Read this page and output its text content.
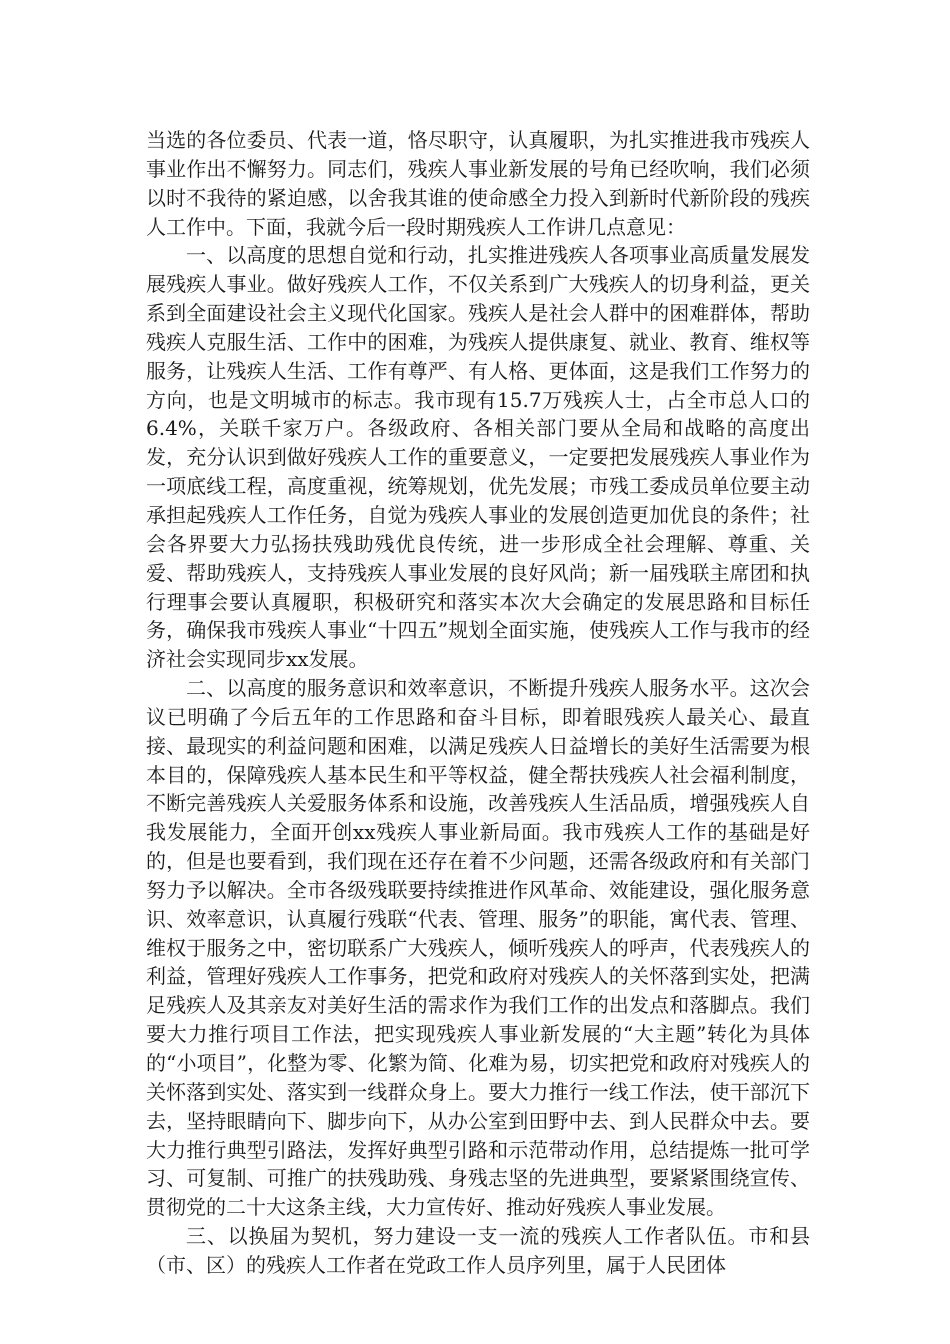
当选的各位委员、代表一道，恪尽职守，认真履职，为扎实推进我市残疾人事业作出不懈努力。同志们，残疾人事业新发展的号角已经吹响，我们必须以时不我待的紧迫感，以舍我其谁的使命感全力投入到新时代新阶段的残疾人工作中。下面，我就今后一段时期残疾人工作讲几点意见：

一、以高度的思想自觉和行动，扎实推进残疾人各项事业高质量发展发展残疾人事业。做好残疾人工作，不仅关系到广大残疾人的切身利益，更关系到全面建设社会主义现代化国家。残疾人是社会人群中的困难群体，帮助残疾人克服生活、工作中的困难，为残疾人提供康复、就业、教育、维权等服务，让残疾人生活、工作有尊严、有人格、更体面，这是我们工作努力的方向，也是文明城市的标志。我市现有15.7万残疾人士，占全市总人口的6.4%，关联千家万户。各级政府、各相关部门要从全局和战略的高度出发，充分认识到做好残疾人工作的重要意义，一定要把发展残疾人事业作为一项底线工程，高度重视，统筹规划，优先发展；市残工委成员单位要主动承担起残疾人工作任务，自觉为残疾人事业的发展创造更加优良的条件；社会各界要大力弘扬扶残助残优良传统，进一步形成全社会理解、尊重、关爱、帮助残疾人，支持残疾人事业发展的良好风尚；新一届残联主席团和执行理事会要认真履职，积极研究和落实本次大会确定的发展思路和目标任务，确保我市残疾人事业“十四五”规划全面实施，使残疾人工作与我市的经济社会实现同步xx发展。

二、以高度的服务意识和效率意识，不断提升残疾人服务水平。这次会议已明确了今后五年的工作思路和奋斗目标，即着眼残疾人最关心、最直接、最现实的利益问题和困难，以满足残疾人日益增长的美好生活需要为根本目的，保障残疾人基本民生和平等权益，健全帮扶残疾人社会福利制度，不断完善残疾人关爱服务体系和设施，改善残疾人生活品质，增强残疾人自我发展能力，全面开创xx残疾人事业新局面。我市残疾人工作的基础是好的，但是也要看到，我们现在还存在着不少问题，还需各级政府和有关部门努力予以解决。全市各级残联要持续推进作风革命、效能建设，强化服务意识、效率意识，认真履行残联“代表、管理、服务”的职能，寓代表、管理、维权于服务之中，密切联系广大残疾人，倾听残疾人的呼声，代表残疾人的利益，管理好残疾人工作事务，把党和政府对残疾人的关怀落到实处，把满足残疾人及其亲友对美好生活的需求作为我们工作的出发点和落脚点。我们要大力推行项目工作法，把实现残疾人事业新发展的“大主题”转化为具体的“小项目”，化整为零、化繁为简、化难为易，切实把党和政府对残疾人的关怀落到实处、落实到一线群众身上。要大力推行一线工作法，使干部沉下去，坚持眼睛向下、脚步向下，从办公室到田野中去、到人民群众中去。要大力推行典型引路法，发挥好典型引路和示范带动作用，总结提炼一批可学习、可复制、可推广的扶残助残、身残志坚的先进典型，要紧紧围绕宣传、贯彻党的二十大这条主线，大力宣传好、推动好残疾人事业发展。

三、以换届为契机，努力建设一支一流的残疾人工作者队伍。市和县（市、区）的残疾人工作者在党政工作人员序列里，属于人民团体
